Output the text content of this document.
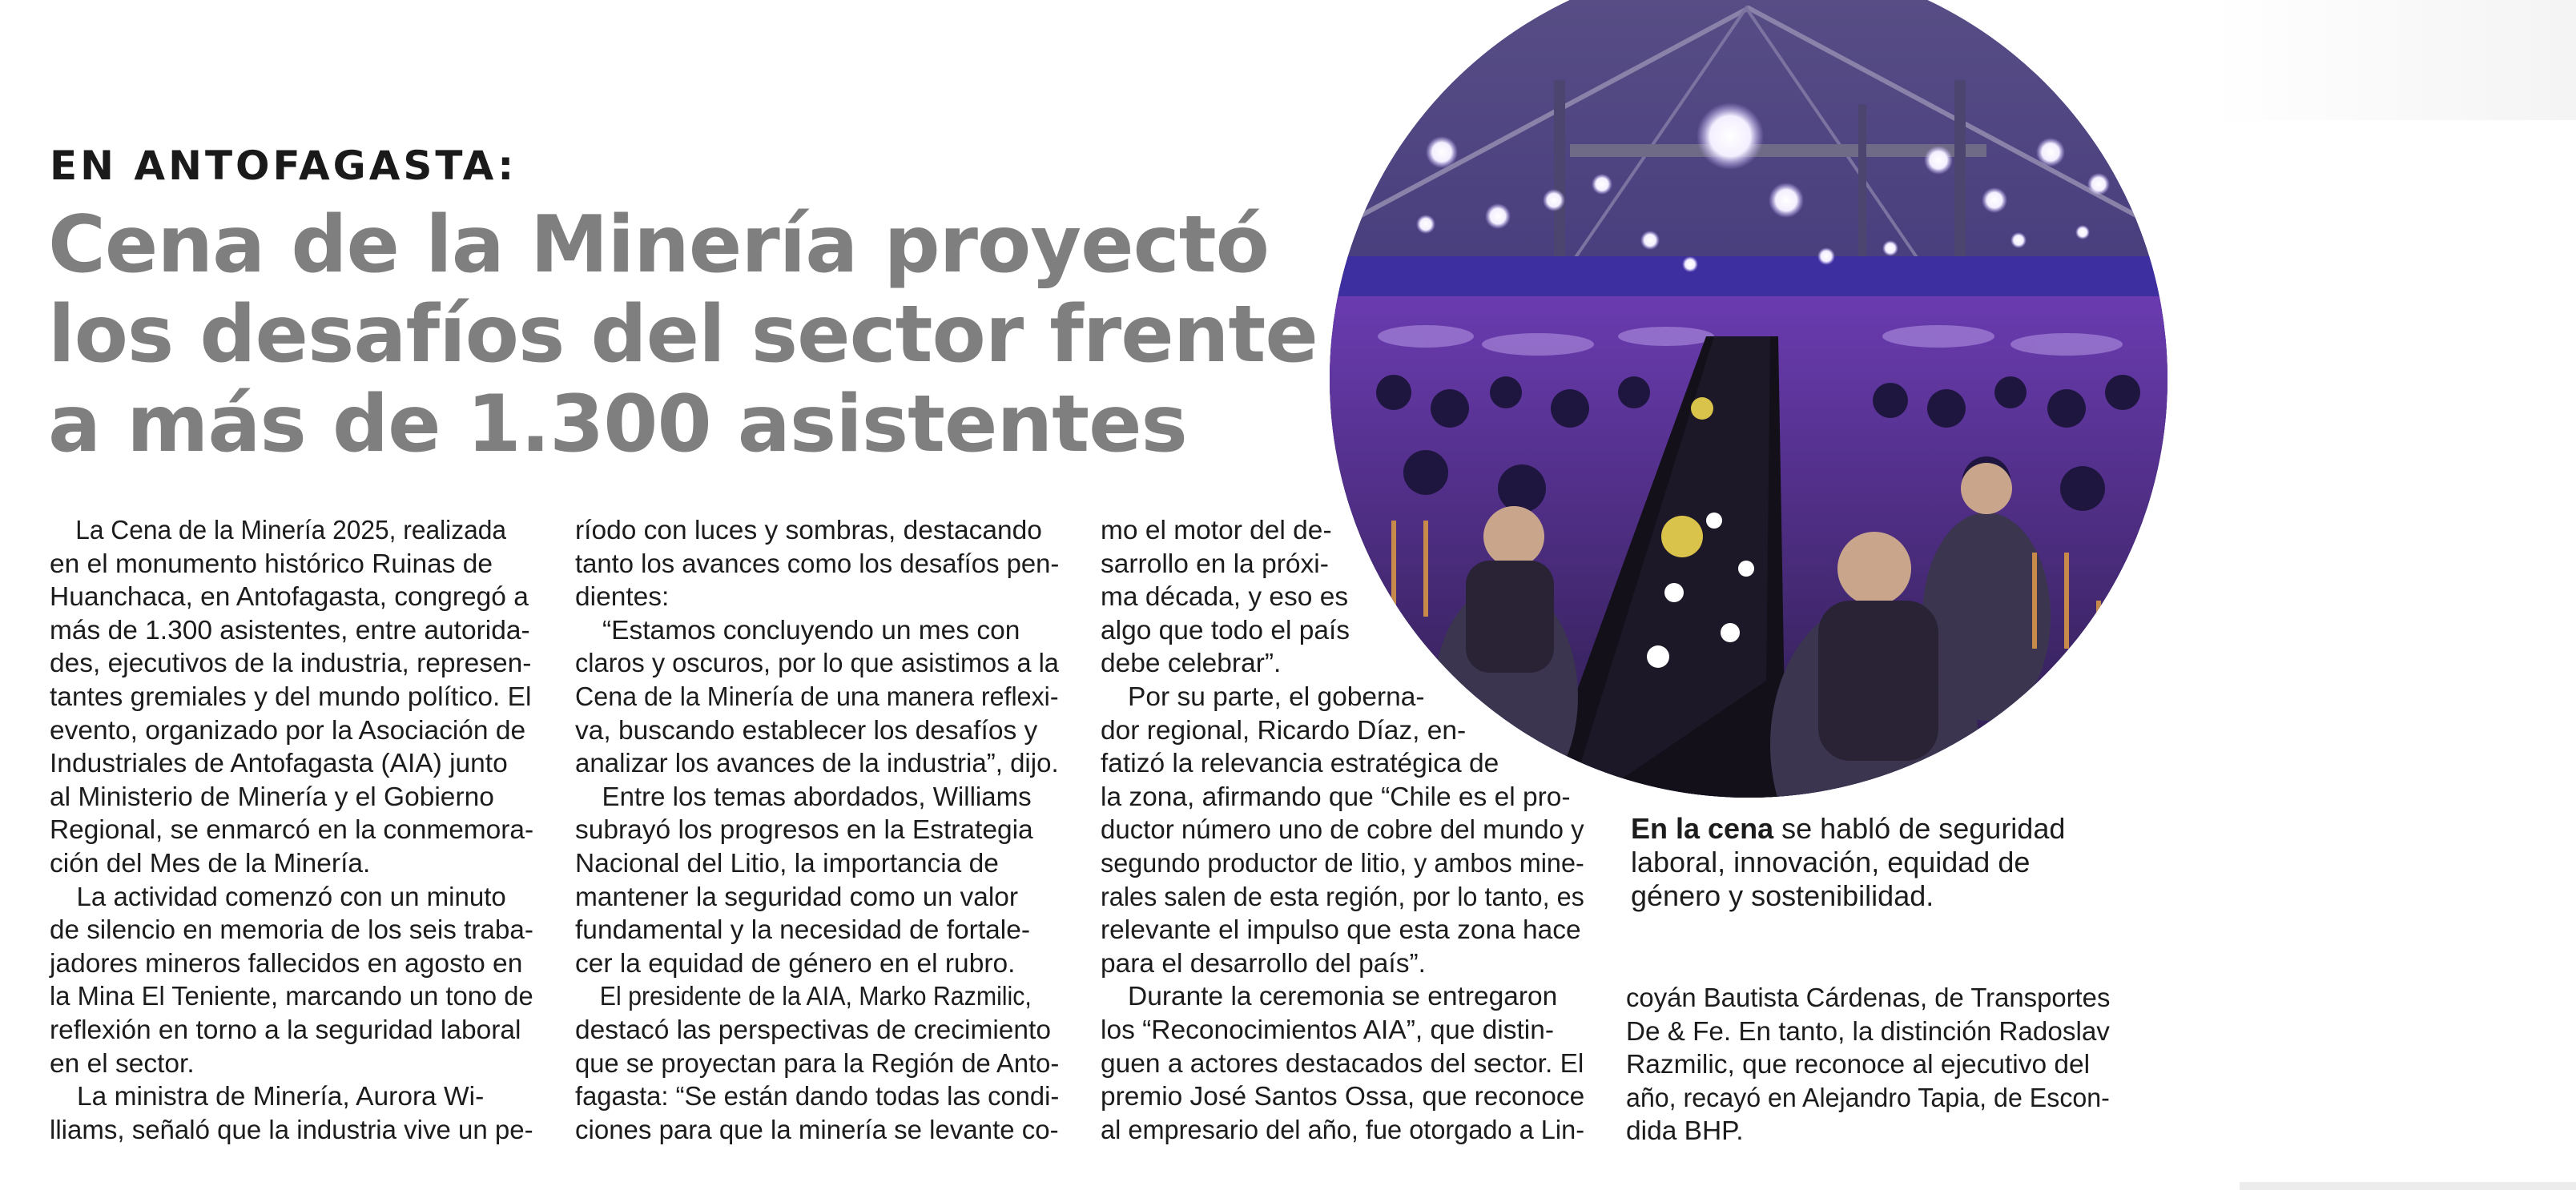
EN ANTOFAGASTA:
Cena de la Minería proyectó
los desafíos del sector frente
a más de 1.300 asistentes

La Cena de la Minería 2025, realizada
en el monumento histórico Ruinas de
Huanchaca, en Antofagasta, congregó a
más de 1.300 asistentes, entre autorida-
des, ejecutivos de la industria, represen-
tantes gremiales y del mundo político. El
evento, organizado por la Asociación de
Industriales de Antofagasta (AIA) junto
al Ministerio de Minería y el Gobierno
Regional, se enmarcó en la conmemora-
ción del Mes de la Minería.

La actividad comenzó con un minuto
de silencio en memoria de los seis traba-
jadores mineros fallecidos en agosto en
la Mina El Teniente, marcando un tono de
reflexión en torno a la seguridad laboral
en el sector.

La ministra de Minería, Aurora Wi-
lliams, señaló que la industria vive un pe-

ríodo con luces y sombras, destacando
tanto los avances como los desafíos pen-
dientes:

“Estamos concluyendo un mes con
claros y oscuros, por lo que asistimos a la
Cena de la Minería de una manera reflexi-
va, buscando establecer los desafíos y
analizar los avances de la industria”, dijo.

Entre los temas abordados, Williams
subrayó los progresos en la Estrategia
Nacional del Litio, la importancia de
mantener la seguridad como un valor
fundamental y la necesidad de fortale-
cer la equidad de género en el rubro.

El presidente de la AIA, Marko Razmilic,
destacó las perspectivas de crecimiento
que se proyectan para la Región de Anto-
fagasta: “Se están dando todas las condi-
ciones para que la minería se levante co-

mo el motor del de-
sarrollo en la próxi-
ma década, y eso es
algo que todo el país
debe celebrar”.

Por su parte, el goberna-
dor regional, Ricardo Díaz, en-
fatizó la relevancia estratégica de
la zona, afirmando que “Chile es el pro-
ductor número uno de cobre del mundo y
segundo productor de litio, y ambos mine-
rales salen de esta región, por lo tanto, es
relevante el impulso que esta zona hace
para el desarrollo del país”.

Durante la ceremonia se entregaron
los “Reconocimientos AIA”, que distin-
guen a actores destacados del sector. El
premio José Santos Ossa, que reconoce
al empresario del año, fue otorgado a Lin-

En la cena se habló de seguridad laboral, innovación, equidad de género y sostenibilidad.

coyán Bautista Cárdenas, de Transportes
De & Fe. En tanto, la distinción Radoslav
Razmilic, que reconoce al ejecutivo del
año, recayó en Alejandro Tapia, de Escon-
dida BHP.
